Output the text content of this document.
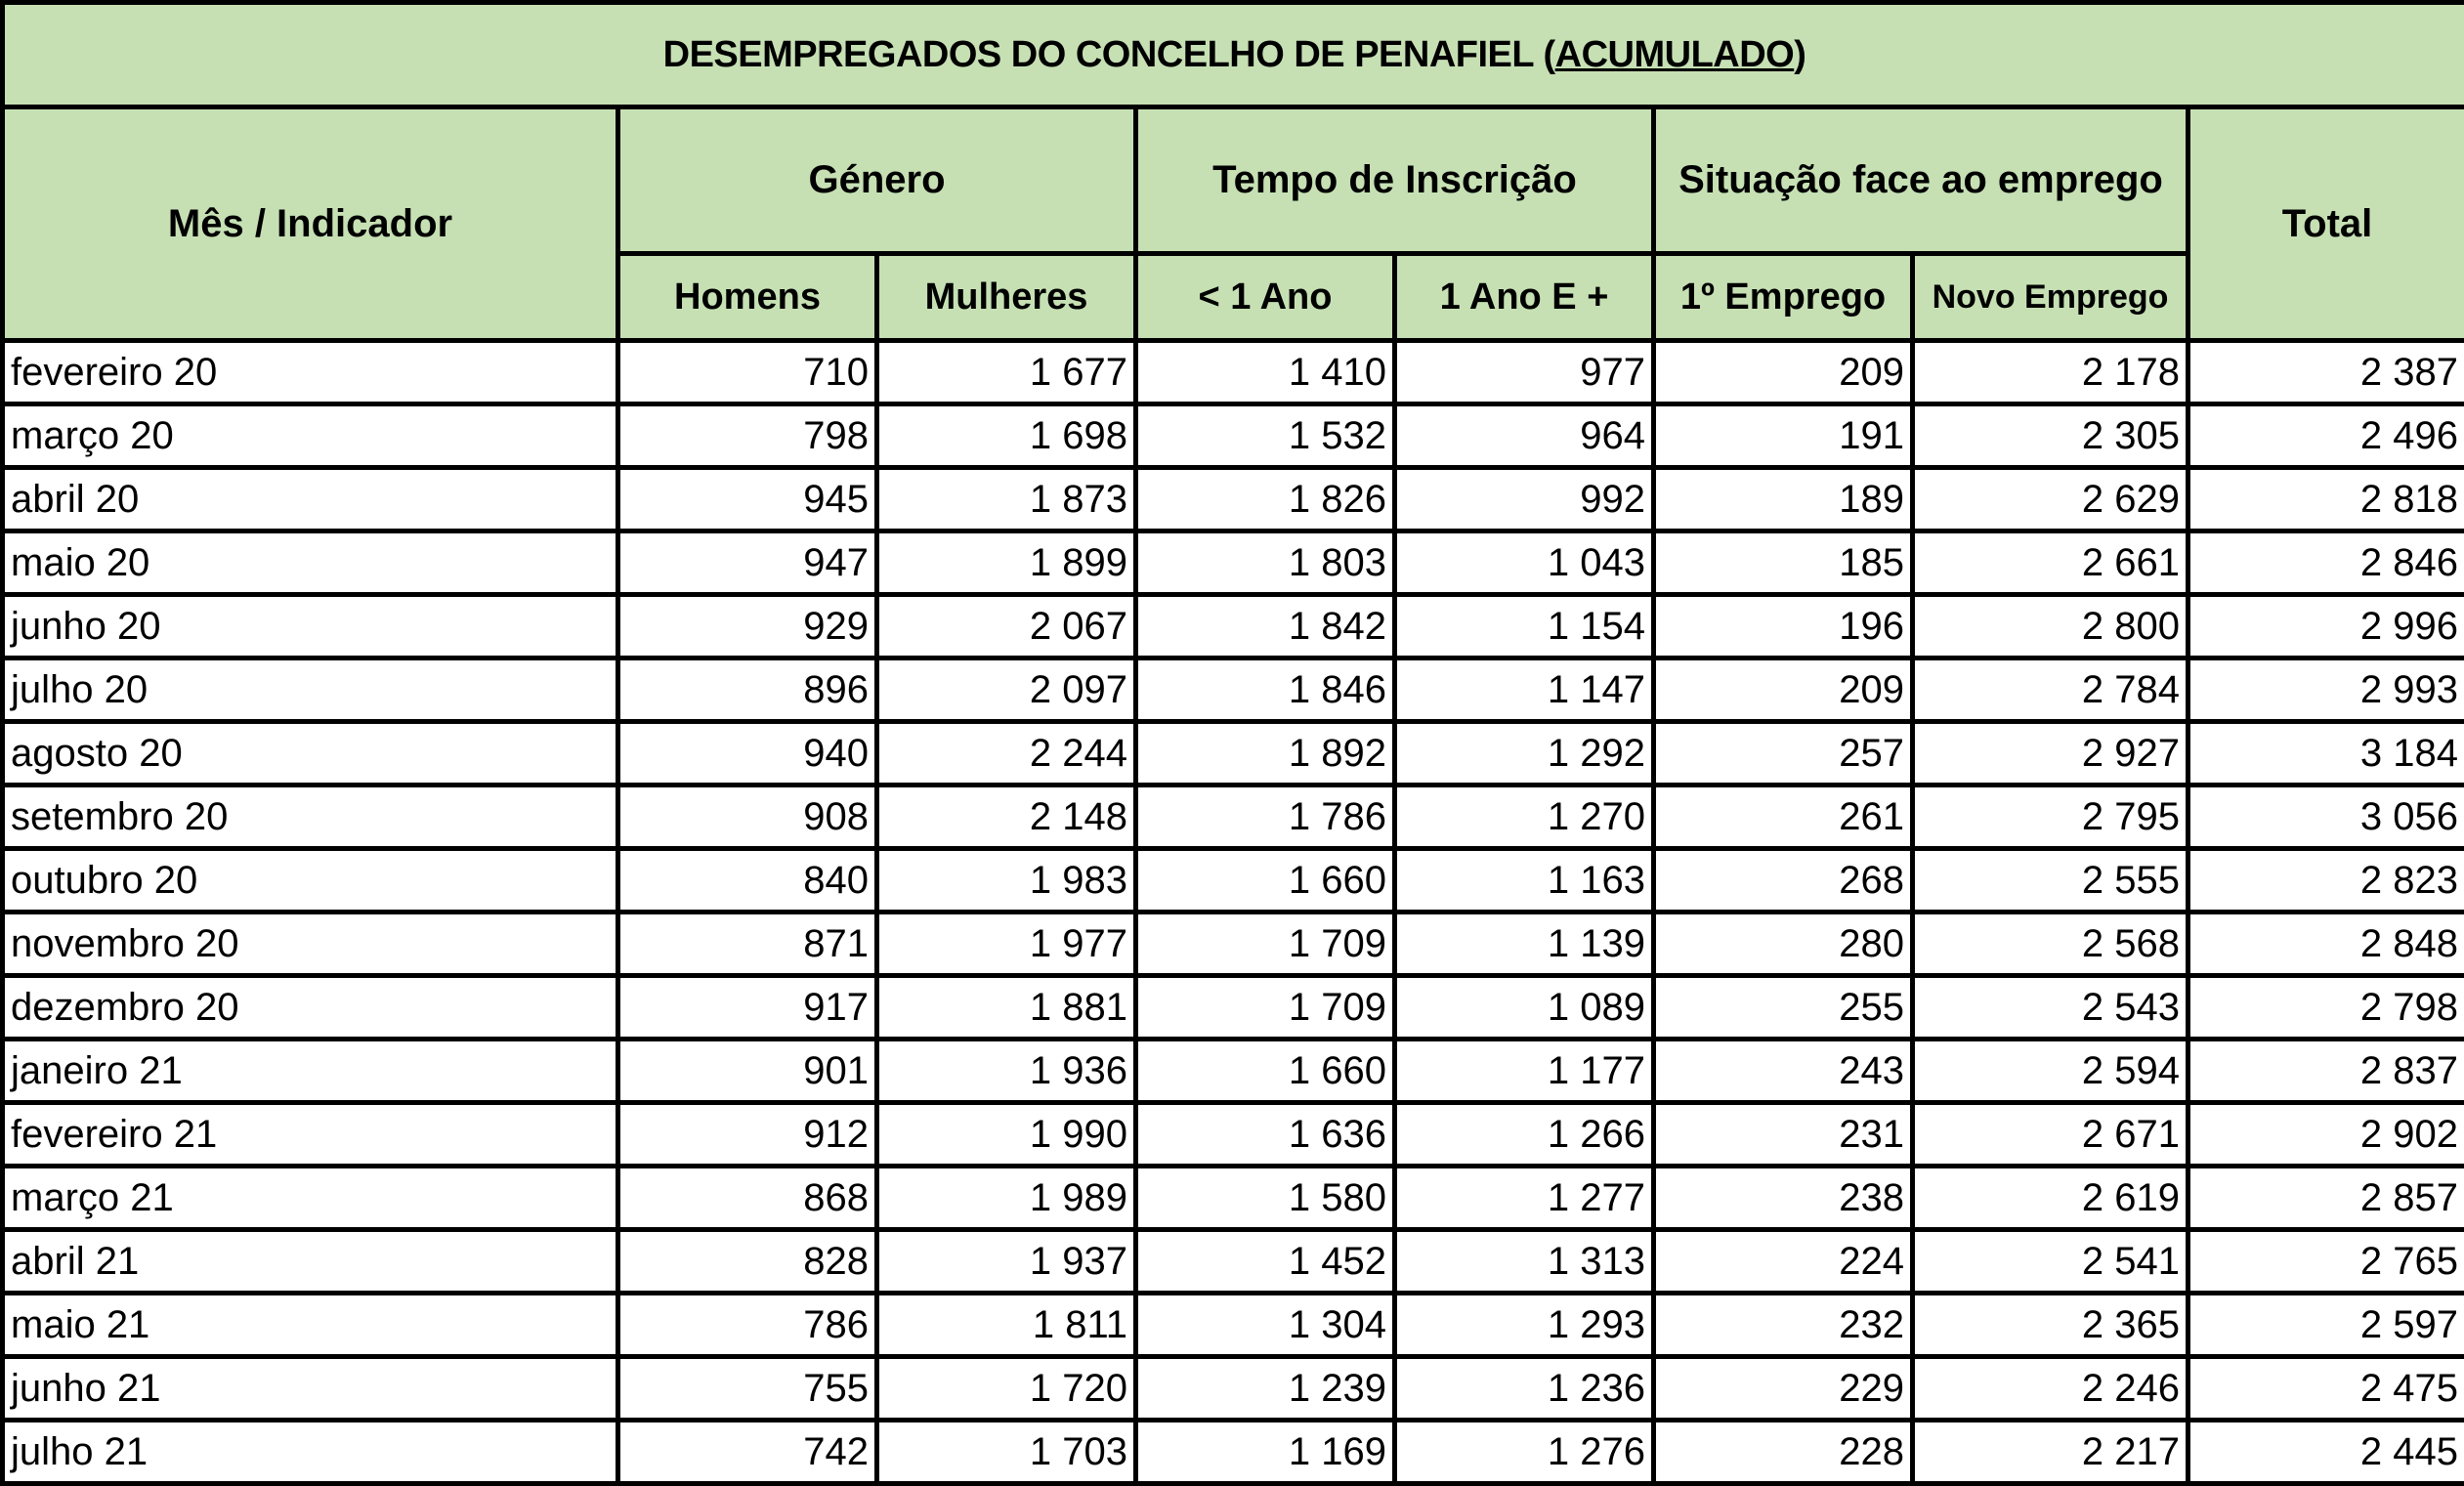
DESEMPREGADOS DO CONCELHO DE PENAFIEL (ACUMULADO)							
Mês / Indicador	Género		Tempo de Inscrição		Situação face ao emprego		Total
	Homens	Mulheres	< 1 Ano	1 Ano E +	1º Emprego	Novo Emprego	
fevereiro 20	710	1 677	1 410	977	209	2 178	2 387
março 20	798	1 698	1 532	964	191	2 305	2 496
abril 20	945	1 873	1 826	992	189	2 629	2 818
maio 20	947	1 899	1 803	1 043	185	2 661	2 846
junho 20	929	2 067	1 842	1 154	196	2 800	2 996
julho 20	896	2 097	1 846	1 147	209	2 784	2 993
agosto 20	940	2 244	1 892	1 292	257	2 927	3 184
setembro 20	908	2 148	1 786	1 270	261	2 795	3 056
outubro 20	840	1 983	1 660	1 163	268	2 555	2 823
novembro 20	871	1 977	1 709	1 139	280	2 568	2 848
dezembro 20	917	1 881	1 709	1 089	255	2 543	2 798
janeiro 21	901	1 936	1 660	1 177	243	2 594	2 837
fevereiro 21	912	1 990	1 636	1 266	231	2 671	2 902
março 21	868	1 989	1 580	1 277	238	2 619	2 857
abril 21	828	1 937	1 452	1 313	224	2 541	2 765
maio 21	786	1 811	1 304	1 293	232	2 365	2 597
junho 21	755	1 720	1 239	1 236	229	2 246	2 475
julho 21	742	1 703	1 169	1 276	228	2 217	2 445
